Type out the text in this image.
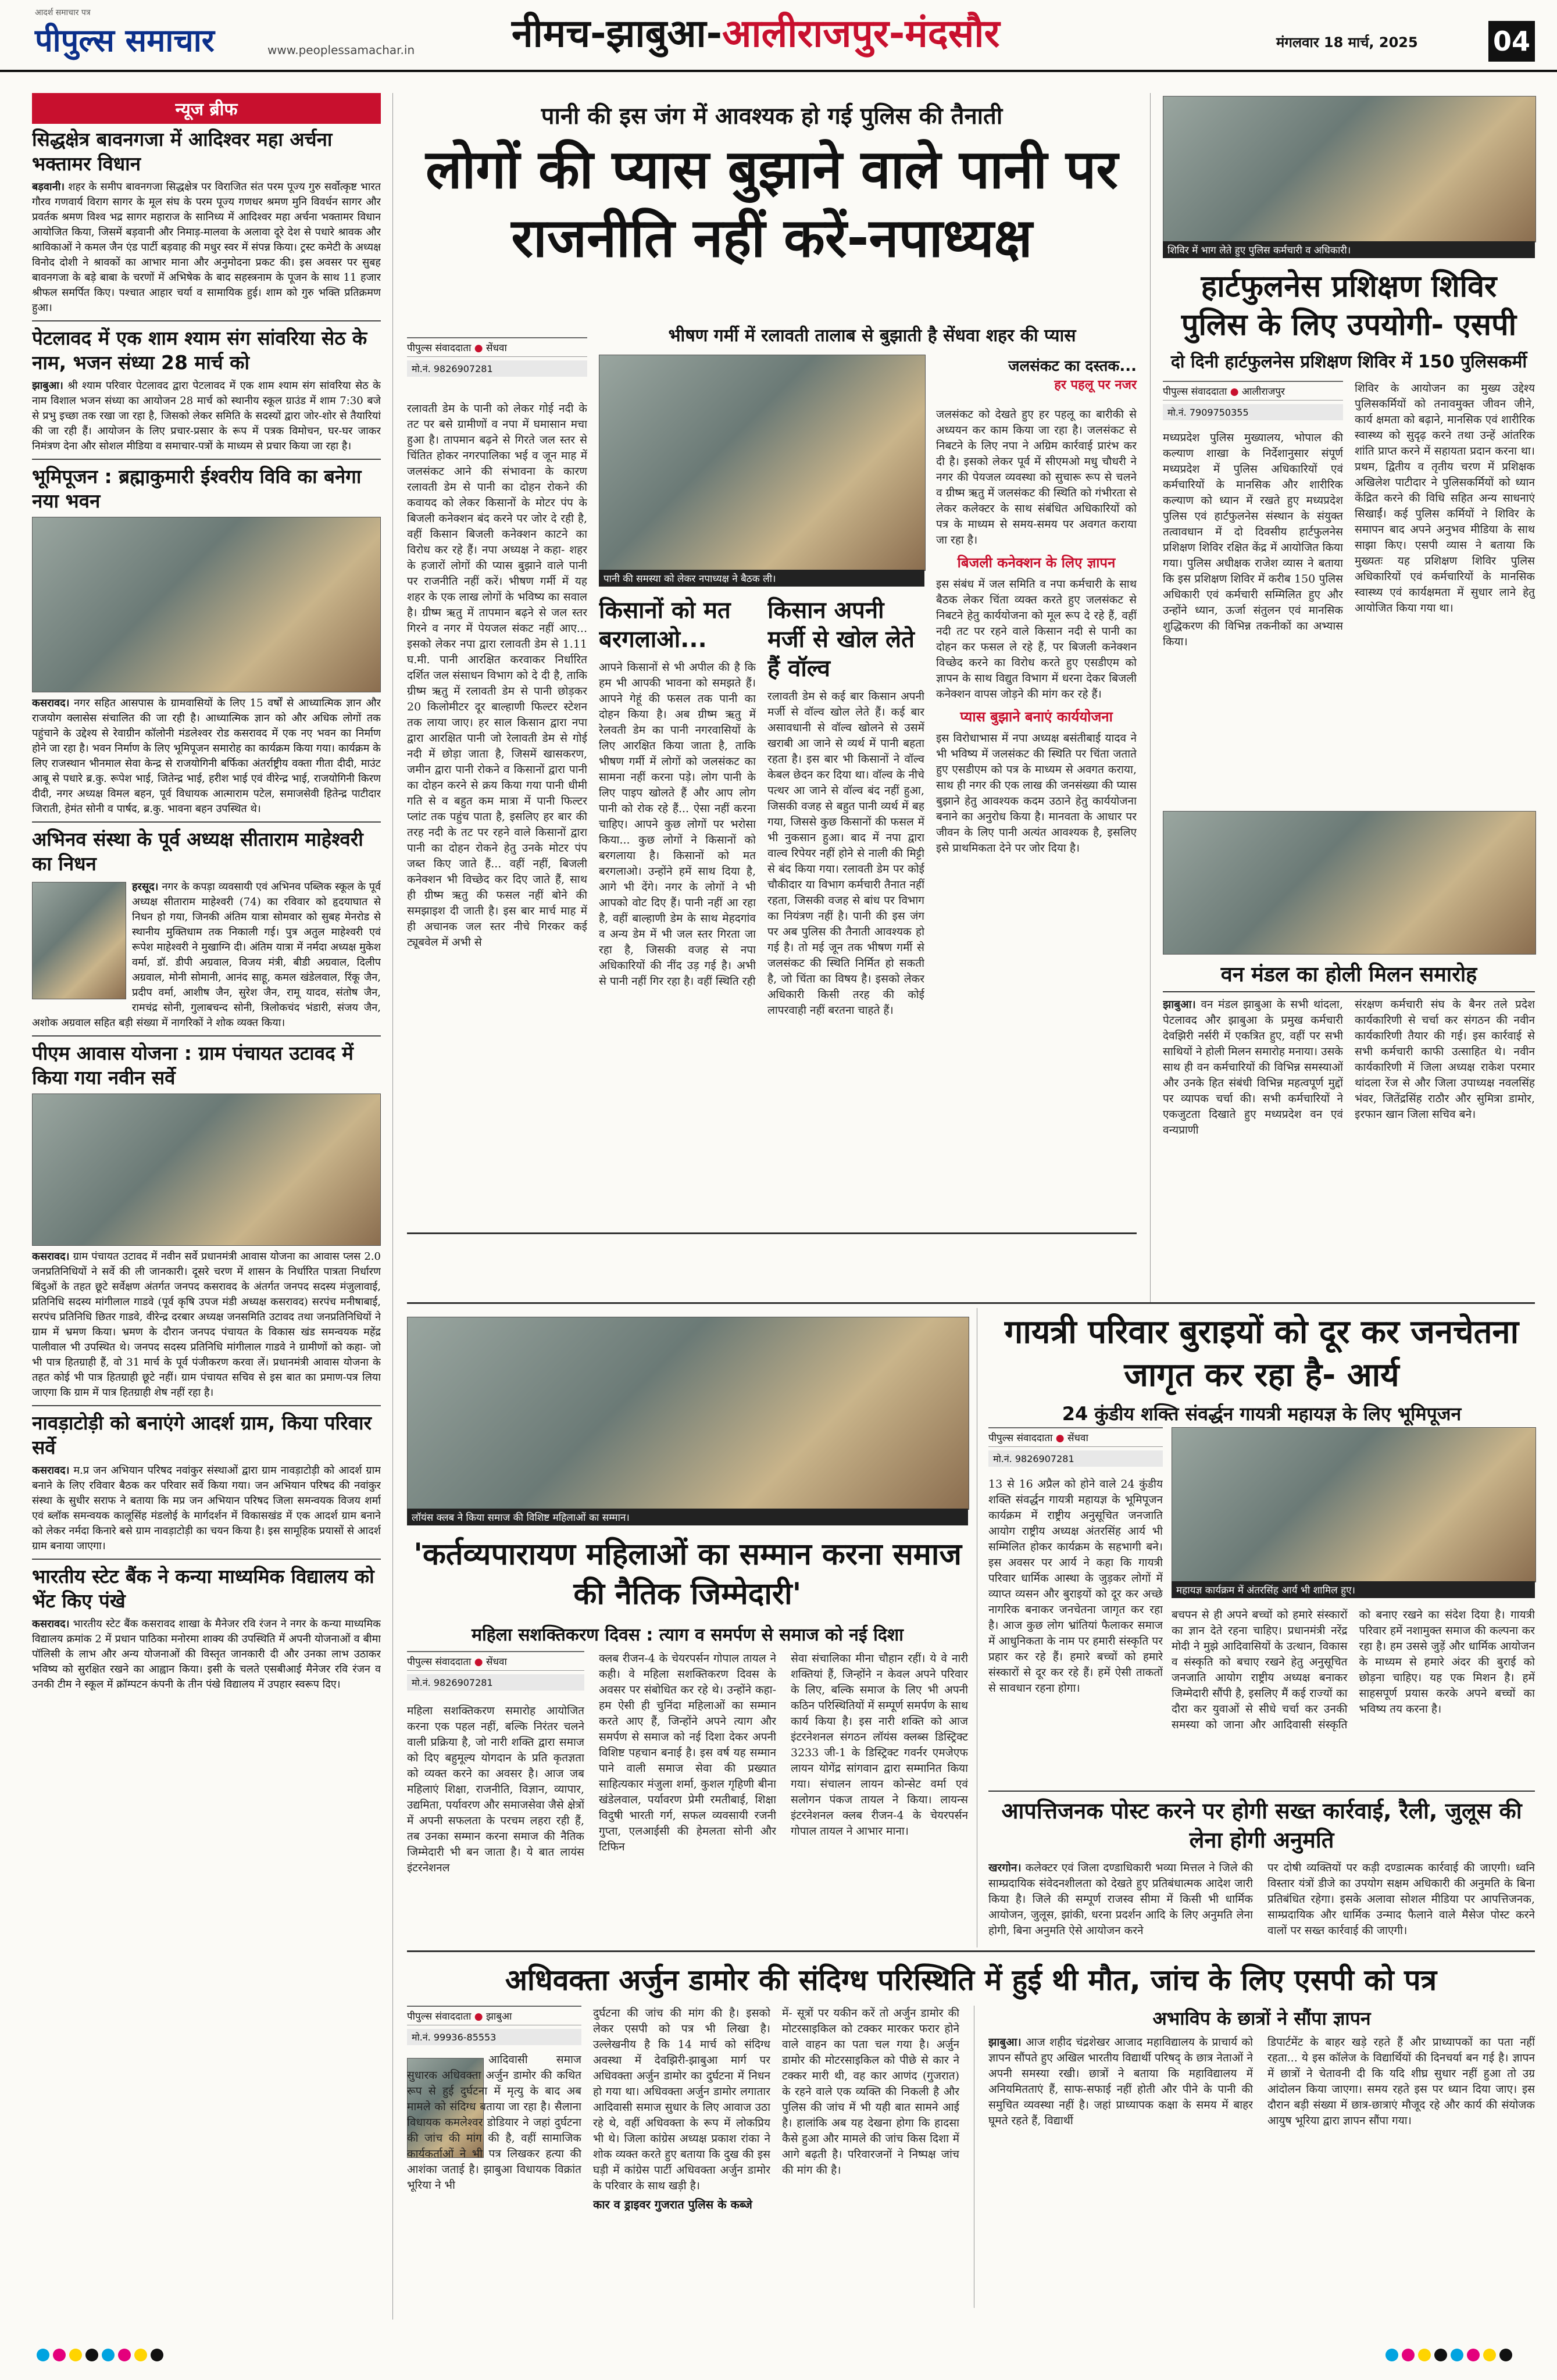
आदर्श समाचार पत्र
पीपुल्स समाचार	www.peoplessamachar.in	नीमच-झाबुआ-आलीराजपुर-मंदसौर	मंगलवार 18 मार्च, 2025	04
न्यूज ब्रीफ
सिद्धक्षेत्र बावनगजा में आदिश्वर महा अर्चना भक्तामर विधान
बड़वानी। शहर के समीप बावनगजा सिद्धक्षेत्र पर विराजित संत परम पूज्य गुरु सर्वोत्कृष्ट भारत गौरव गणवार्य विराग सागर के मूल संघ के परम पूज्य गणधर श्रमण मुनि विवर्धन सागर और प्रवर्तक श्रमण विश्व भद्र सागर महाराज के सानिध्य में आदिश्वर महा अर्चना भक्तामर विधान आयोजित किया, जिसमें बड़वानी और निमाड़-मालवा के अलावा दूरे देश से पधारे श्रावक और श्राविकाओं ने कमल जैन एंड पार्टी बड़वाह की मधुर स्वर में संपन्न किया। ट्रस्ट कमेटी के अध्यक्ष विनोद दोशी ने श्रावकों का आभार माना और अनुमोदना प्रकट की। इस अवसर पर सुबह बावनगजा के बड़े बाबा के चरणों में अभिषेक के बाद सहस्त्रनाम के पूजन के साथ 11 हजार श्रीफल समर्पित किए। पश्चात आहार चर्या व सामायिक हुई। शाम को गुरु भक्ति प्रतिक्रमण हुआ।
पेटलावद में एक शाम श्याम संग सांवरिया सेठ के नाम, भजन संध्या 28 मार्च को
झाबुआ। श्री श्याम परिवार पेटलावद द्वारा पेटलावद में एक शाम श्याम संग सांवरिया सेठ के नाम विशाल भजन संध्या का आयोजन 28 मार्च को स्थानीय स्कूल ग्राउंड में शाम 7:30 बजे से प्रभु इच्छा तक रखा जा रहा है, जिसको लेकर समिति के सदस्यों द्वारा जोर-शोर से तैयारियां की जा रही हैं। आयोजन के लिए प्रचार-प्रसार के रूप में पत्रक विमोचन, घर-घर जाकर निमंत्रण देना और सोशल मीडिया व समाचार-पत्रों के माध्यम से प्रचार किया जा रहा है।
भूमिपूजन : ब्रह्माकुमारी ईश्वरीय विवि का बनेगा नया भवन
कसरावद। नगर सहित आसपास के ग्रामवासियों के लिए 15 वर्षों से आध्यात्मिक ज्ञान और राजयोग क्लासेस संचालित की जा रही है। आध्यात्मिक ज्ञान को और अधिक लोगों तक पहुंचाने के उद्देश्य से रेवाग्रीन कॉलोनी मंडलेश्वर रोड कसरावद में एक नए भवन का निर्माण होने जा रहा है। भवन निर्माण के लिए भूमिपूजन समारोह का कार्यक्रम किया गया। कार्यक्रम के लिए राजस्थान भीनमाल सेवा केन्द्र से राजयोगिनी बर्फिका अंतर्राष्ट्रीय वक्ता गीता दीदी, माउंट आबू से पधारे ब्र.कु. रूपेश भाई, जितेन्द्र भाई, हरीश भाई एवं वीरेन्द्र भाई, राजयोगिनी किरण दीदी, नगर अध्यक्ष विमल बहन, पूर्व विधायक आत्माराम पटेल, समाजसेवी हितेन्द्र पाटीदार जिराती, हेमंत सोनी व पार्षद, ब्र.कु. भावना बहन उपस्थित थे।
अभिनव संस्था के पूर्व अध्यक्ष सीताराम माहेश्वरी का निधन
हरसूद। नगर के कपड़ा व्यवसायी एवं अभिनव पब्लिक स्कूल के पूर्व अध्यक्ष सीताराम माहेश्वरी (74) का रविवार को हृदयाघात से निधन हो गया, जिनकी अंतिम यात्रा सोमवार को सुबह मेनरोड से स्थानीय मुक्तिधाम तक निकाली गई। पुत्र अतुल माहेश्वरी एवं रूपेश माहेश्वरी ने मुखाग्नि दी। अंतिम यात्रा में नर्मदा अध्यक्ष मुकेश वर्मा, डॉ. डीपी अग्रवाल, विजय मंत्री, बीडी अग्रवाल, दिलीप अग्रवाल, मोनी सोमानी, आनंद साहू, कमल खंडेलवाल, रिंकू जैन, प्रदीप वर्मा, आशीष जैन, सुरेश जैन, रामू यादव, संतोष जैन, रामचंद्र सोनी, गुलाबचन्द सोनी, त्रिलोकचंद भंडारी, संजय जैन, अशोक अग्रवाल सहित बड़ी संख्या में नागरिकों ने शोक व्यक्त किया।
पीएम आवास योजना : ग्राम पंचायत उटावद में किया गया नवीन सर्वे
कसरावद। ग्राम पंचायत उटावद में नवीन सर्वे प्रधानमंत्री आवास योजना का आवास प्लस 2.0 जनप्रतिनिधियों ने सर्वे की ली जानकारी। दूसरे चरण में शासन के निर्धारित पात्रता निर्धारण बिंदुओं के तहत छूटे सर्वेक्षण अंतर्गत जनपद कसरावद के अंतर्गत जनपद सदस्य मंजुलावाई, प्रतिनिधि सदस्य मांगीलाल गाडवे (पूर्व कृषि उपज मंडी अध्यक्ष कसरावद) सरपंच मनीषाबाई, सरपंच प्रतिनिधि छितर गाडवे, वीरेन्द्र दरबार अध्यक्ष जनसमिति उटावद तथा जनप्रतिनिधियों ने ग्राम में भ्रमण किया। भ्रमण के दौरान जनपद पंचायत के विकास खंड समन्वयक महेंद्र पालीवाल भी उपस्थित थे। जनपद सदस्य प्रतिनिधि मांगीलाल गाडवे ने ग्रामीणों को कहा- जो भी पात्र हितग्राही हैं, वो 31 मार्च के पूर्व पंजीकरण करवा लें। प्रधानमंत्री आवास योजना के तहत कोई भी पात्र हितग्राही छूटे नहीं। ग्राम पंचायत सचिव से इस बात का प्रमाण-पत्र लिया जाएगा कि ग्राम में पात्र हितग्राही शेष नहीं रहा है।
नावड़ाटोड़ी को बनाएंगे आदर्श ग्राम, किया परिवार सर्वे
कसरावद। म.प्र जन अभियान परिषद नवांकुर संस्थाओं द्वारा ग्राम नावड़ाटोड़ी को आदर्श ग्राम बनाने के लिए रविवार बैठक कर परिवार सर्वे किया गया। जन अभियान परिषद की नवांकुर संस्था के सुधीर सराफ ने बताया कि मप्र जन अभियान परिषद जिला समन्वयक विजय शर्मा एवं ब्लॉक समन्वयक कालूसिंह मंडलोई के मार्गदर्शन में विकासखंड में एक आदर्श ग्राम बनाने को लेकर नर्मदा किनारे बसे ग्राम नावड़ाटोड़ी का चयन किया है। इस सामूहिक प्रयासों से आदर्श ग्राम बनाया जाएगा।
भारतीय स्टेट बैंक ने कन्या माध्यमिक विद्यालय को भेंट किए पंखे
कसरावद। भारतीय स्टेट बैंक कसरावद शाखा के मैनेजर रवि रंजन ने नगर के कन्या माध्यमिक विद्यालय क्रमांक 2 में प्रधान पाठिका मनोरमा शाक्य की उपस्थिति में अपनी योजनाओं व बीमा पॉलिसी के लाभ और अन्य योजनाओं की विस्तृत जानकारी दी और उनका लाभ उठाकर भविष्य को सुरक्षित रखने का आह्वान किया। इसी के चलते एसबीआई मैनेजर रवि रंजन व उनकी टीम ने स्कूल में क्रॉम्पटन कंपनी के तीन पंखे विद्यालय में उपहार स्वरूप दिए।
पानी की इस जंग में आवश्यक हो गई पुलिस की तैनाती
लोगों की प्यास बुझाने वाले पानी पर राजनीति नहीं करें-नपाध्यक्ष
भीषण गर्मी में रलावती तालाब से बुझाती है सेंधवा शहर की प्यास
पीपुल्स संवाददाता ● सेंधवा
मो.नं. 9826907281
पानी की समस्या को लेकर नपाध्यक्ष ने बैठक ली।
जलसंकट का दस्तक...
हर पहलू पर नजर
रलावती डेम के पानी को लेकर गोई नदी के तट पर बसे ग्रामीणों व नपा में घमासान मचा हुआ है। तापमान बढ़ने से गिरते जल स्तर से चिंतित होकर नगरपालिका भई व जून माह में जलसंकट आने की संभावना के कारण रलावती डेम से पानी का दोहन रोकने की कवायद को लेकर किसानों के मोटर पंप के बिजली कनेक्शन बंद करने पर जोर दे रही है, वहीं किसान बिजली कनेक्शन काटने का विरोध कर रहे हैं। नपा अध्यक्ष ने कहा- शहर के हजारों लोगों की प्यास बुझाने वाले पानी पर राजनीति नहीं करें। भीषण गर्मी में यह शहर के एक लाख लोगों के भविष्य का सवाल है। ग्रीष्म ऋतु में तापमान बढ़ने से जल स्तर गिरने व नगर में पेयजल संकट नहीं आए... इसको लेकर नपा द्वारा रलावती डेम से 1.11 घ.मी. पानी आरक्षित करवाकर निर्धारित दर्शित जल संसाधन विभाग को दे दी है, ताकि ग्रीष्म ऋतु में रलावती डेम से पानी छोड़कर 20 किलोमीटर दूर बाल्हाणी फिल्टर स्टेशन तक लाया जाए। हर साल किसान द्वारा नपा द्वारा आरक्षित पानी जो रेलावती डेम से गोई नदी में छोड़ा जाता है, जिसमें खासकरण, जमीन द्वारा पानी रोकने व किसानों द्वारा पानी का दोहन करने से क्रय किया गया पानी धीमी गति से व बहुत कम मात्रा में पानी फिल्टर प्लांट तक पहुंच पाता है, इसलिए हर बार की तरह नदी के तट पर रहने वाले किसानों द्वारा पानी का दोहन रोकने हेतु उनके मोटर पंप जब्त किए जाते हैं... वहीं नहीं, बिजली कनेक्शन भी विच्छेद कर दिए जाते हैं, साथ ही ग्रीष्म ऋतु की फसल नहीं बोने की समझाइश दी जाती है। इस बार मार्च माह में ही अचानक जल स्तर नीचे गिरकर कई ट्यूबवेल में अभी से
किसानों को मत बरगलाओ...
आपने किसानों से भी अपील की है कि हम भी आपकी भावना को समझते हैं। आपने गेहूं की फसल तक पानी का दोहन किया है। अब ग्रीष्म ऋतु में रेलवती डेम का पानी नगरवासियों के लिए आरक्षित किया जाता है, ताकि भीषण गर्मी में लोगों को जलसंकट का सामना नहीं करना पड़े। लोग पानी के लिए पाइप खोलते हैं और आप लोग पानी को रोक रहे हैं... ऐसा नहीं करना चाहिए। आपने कुछ लोगों पर भरोसा किया... कुछ लोगों ने किसानों को बरगलाया है। किसानों को मत बरगलाओ। उन्होंने हमें साथ दिया है, आगे भी देंगे। नगर के लोगों ने भी आपको वोट दिए हैं। पानी नहीं आ रहा है, वहीं बाल्हाणी डेम के साथ मेहदगांव व अन्य डेम में भी जल स्तर गिरता जा रहा है, जिसकी वजह से नपा अधिकारियों की नींद उड़ गई है। अभी से पानी नहीं गिर रहा है। वहीं स्थिति रही
किसान अपनी मर्जी से खोल लेते हैं वॉल्व
रलावती डेम से कई बार किसान अपनी मर्जी से वॉल्व खोल लेते हैं। कई बार असावधानी से वॉल्व खोलने से उसमें खराबी आ जाने से व्यर्थ में पानी बहता रहता है। इस बार भी किसानों ने वॉल्व केबल छेदन कर दिया था। वॉल्व के नीचे पत्थर आ जाने से वॉल्व बंद नहीं हुआ, जिसकी वजह से बहुत पानी व्यर्थ में बह गया, जिससे कुछ किसानों की फसल में भी नुकसान हुआ। बाद में नपा द्वारा वाल्व रिपेयर नहीं होने से नाली की मिट्टी से बंद किया गया। रलावती डेम पर कोई चौकीदार या विभाग कर्मचारी तैनात नहीं रहता, जिसकी वजह से बांध पर विभाग का नियंत्रण नहीं है। पानी की इस जंग पर अब पुलिस की तैनाती आवश्यक हो गई है। तो मई जून तक भीषण गर्मी से जलसंकट की स्थिति निर्मित हो सकती है, जो चिंता का विषय है। इसको लेकर अधिकारी किसी तरह की कोई लापरवाही नहीं बरतना चाहते हैं।
जलसंकट को देखते हुए हर पहलू का बारीकी से अध्ययन कर काम किया जा रहा है। जलसंकट से निबटने के लिए नपा ने अग्रिम कार्रवाई प्रारंभ कर दी है। इसको लेकर पूर्व में सीएमओ मधु चौधरी ने नगर की पेयजल व्यवस्था को सुचारू रूप से चलने व ग्रीष्म ऋतु में जलसंकट की स्थिति को गंभीरता से लेकर कलेक्टर के साथ संबंधित अधिकारियों को पत्र के माध्यम से समय-समय पर अवगत कराया जा रहा है।
बिजली कनेक्शन के लिए ज्ञापन
इस संबंध में जल समिति व नपा कर्मचारी के साथ बैठक लेकर चिंता व्यक्त करते हुए जलसंकट से निबटने हेतु कार्ययोजना को मूल रूप दे रहे हैं, वहीं नदी तट पर रहने वाले किसान नदी से पानी का दोहन कर फसल ले रहे हैं, पर बिजली कनेक्शन विच्छेद करने का विरोध करते हुए एसडीएम को ज्ञापन के साथ विद्युत विभाग में धरना देकर बिजली कनेक्शन वापस जोड़ने की मांग कर रहे हैं।
प्यास बुझाने बनाएं कार्ययोजना
इस विरोधाभास में नपा अध्यक्ष बसंतीबाई यादव ने भी भविष्य में जलसंकट की स्थिति पर चिंता जताते हुए एसडीएम को पत्र के माध्यम से अवगत कराया, साथ ही नगर की एक लाख की जनसंख्या की प्यास बुझाने हेतु आवश्यक कदम उठाने हेतु कार्ययोजना बनाने का अनुरोध किया है। मानवता के आधार पर जीवन के लिए पानी अत्यंत आवश्यक है, इसलिए इसे प्राथमिकता देने पर जोर दिया है।
शिविर में भाग लेते हुए पुलिस कर्मचारी व अधिकारी।
हार्टफुलनेस प्रशिक्षण शिविर पुलिस के लिए उपयोगी- एसपी
दो दिनी हार्टफुलनेस प्रशिक्षण शिविर में 150 पुलिसकर्मी
पीपुल्स संवाददाता ● आलीराजपुर
मो.नं. 7909750355
मध्यप्रदेश पुलिस मुख्यालय, भोपाल की कल्याण शाखा के निर्देशानुसार संपूर्ण मध्यप्रदेश में पुलिस अधिकारियों एवं कर्मचारियों के मानसिक और शारीरिक कल्याण को ध्यान में रखते हुए मध्यप्रदेश पुलिस एवं हार्टफुलनेस संस्थान के संयुक्त तत्वावधान में दो दिवसीय हार्टफुलनेस प्रशिक्षण शिविर रक्षित केंद्र में आयोजित किया गया। पुलिस अधीक्षक राजेश व्यास ने बताया कि इस प्रशिक्षण शिविर में करीब 150 पुलिस अधिकारी एवं कर्मचारी सम्मिलित हुए और उन्होंने ध्यान, ऊर्जा संतुलन एवं मानसिक शुद्धिकरण की विभिन्न तकनीकों का अभ्यास किया।
शिविर के आयोजन का मुख्य उद्देश्य पुलिसकर्मियों को तनावमुक्त जीवन जीने, कार्य क्षमता को बढ़ाने, मानसिक एवं शारीरिक स्वास्थ्य को सुदृढ़ करने तथा उन्हें आंतरिक शांति प्राप्त करने में सहायता प्रदान करना था। प्रथम, द्वितीय व तृतीय चरण में प्रशिक्षक अखिलेश पाटीदार ने पुलिसकर्मियों को ध्यान केंद्रित करने की विधि सहित अन्य साधनाएं सिखाईं। कई पुलिस कर्मियों ने शिविर के समापन बाद अपने अनुभव मीडिया के साथ साझा किए। एसपी व्यास ने बताया कि मुख्यतः यह प्रशिक्षण शिविर पुलिस अधिकारियों एवं कर्मचारियों के मानसिक स्वास्थ्य एवं कार्यक्षमता में सुधार लाने हेतु आयोजित किया गया था।
वन मंडल का होली मिलन समारोह
झाबुआ। वन मंडल झाबुआ के सभी थांदला, पेटलावद और झाबुआ के प्रमुख कर्मचारी देवझिरी नर्सरी में एकत्रित हुए, वहीं पर सभी साथियों ने होली मिलन समारोह मनाया। उसके साथ ही वन कर्मचारियों की विभिन्न समस्याओं और उनके हित संबंधी विभिन्न महत्वपूर्ण मुद्दों पर व्यापक चर्चा की। सभी कर्मचारियों ने एकजुटता दिखाते हुए मध्यप्रदेश वन एवं वन्यप्राणी
संरक्षण कर्मचारी संघ के बैनर तले प्रदेश कार्यकारिणी से चर्चा कर संगठन की नवीन कार्यकारिणी तैयार की गई। इस कार्रवाई से सभी कर्मचारी काफी उत्साहित थे। नवीन कार्यकारिणी में जिला अध्यक्ष राकेश परमार थांदला रेंज से और जिला उपाध्यक्ष नवलसिंह भंवर, जितेंद्रसिंह राठौर और सुमित्रा डामोर, इरफान खान जिला सचिव बने।
लॉयंस क्लब ने किया समाज की विशिष्ट महिलाओं का सम्मान।
'कर्तव्यपारायण महिलाओं का सम्मान करना समाज की नैतिक जिम्मेदारी'
महिला सशक्तिकरण दिवस : त्याग व समर्पण से समाज को नई दिशा
पीपुल्स संवाददाता ● सेंधवा
मो.नं. 9826907281
महिला सशक्तिकरण समारोह आयोजित करना एक पहल नहीं, बल्कि निरंतर चलने वाली प्रक्रिया है, जो नारी शक्ति द्वारा समाज को दिए बहुमूल्य योगदान के प्रति कृतज्ञता को व्यक्त करने का अवसर है। आज जब महिलाएं शिक्षा, राजनीति, विज्ञान, व्यापार, उद्यमिता, पर्यावरण और समाजसेवा जैसे क्षेत्रों में अपनी सफलता के परचम लहरा रही हैं, तब उनका सम्मान करना समाज की नैतिक जिम्मेदारी भी बन जाता है। ये बात लायंस इंटरनेशनल
क्लब रीजन-4 के चेयरपर्सन गोपाल तायल ने कही। वे महिला सशक्तिकरण दिवस के अवसर पर संबोधित कर रहे थे। उन्होंने कहा- हम ऐसी ही चुनिंदा महिलाओं का सम्मान करते आए हैं, जिन्होंने अपने त्याग और समर्पण से समाज को नई दिशा देकर अपनी विशिष्ट पहचान बनाई है। इस वर्ष यह सम्मान पाने वाली समाज सेवा की प्रख्यात साहित्यकार मंजुला शर्मा, कुशल गृहिणी बीना खंडेलवाल, पर्यावरण प्रेमी रमतीबाई, शिक्षा विदुषी भारती गर्ग, सफल व्यवसायी रजनी गुप्ता, एलआईसी की हेमलता सोनी और टिफिन
सेवा संचालिका मीना चौहान रहीं। ये वे नारी शक्तियां हैं, जिन्होंने न केवल अपने परिवार के लिए, बल्कि समाज के लिए भी अपनी कठिन परिस्थितियों में सम्पूर्ण समर्पण के साथ कार्य किया है। इस नारी शक्ति को आज इंटरनेशनल संगठन लॉयंस क्लब्स डिस्ट्रिक्ट 3233 जी-1 के डिस्ट्रिक्ट गवर्नर एमजेएफ लायन योगेंद्र सांगवान द्वारा सम्मानित किया गया। संचालन लायन कोन्सेट वर्मा एवं सलोगन पंकज तायल ने किया। लायन्स इंटरनेशनल क्लब रीजन-4 के चेयरपर्सन गोपाल तायल ने आभार माना।
गायत्री परिवार बुराइयों को दूर कर जनचेतना जागृत कर रहा है- आर्य
24 कुंडीय शक्ति संवर्द्धन गायत्री महायज्ञ के लिए भूमिपूजन
पीपुल्स संवाददाता ● सेंधवा
मो.नं. 9826907281
महायज्ञ कार्यक्रम में अंतरसिंह आर्य भी शामिल हुए।
13 से 16 अप्रैल को होने वाले 24 कुंडीय शक्ति संवर्द्धन गायत्री महायज्ञ के भूमिपूजन कार्यक्रम में राष्ट्रीय अनुसूचित जनजाति आयोग राष्ट्रीय अध्यक्ष अंतरसिंह आर्य भी सम्मिलित होकर कार्यक्रम के सहभागी बने। इस अवसर पर आर्य ने कहा कि गायत्री परिवार धार्मिक आस्था के जुड़कर लोगों में व्याप्त व्यसन और बुराइयों को दूर कर अच्छे नागरिक बनाकर जनचेतना जागृत कर रहा है। आज कुछ लोग भ्रांतियां फैलाकर समाज में आधुनिकता के नाम पर हमारी संस्कृति पर प्रहार कर रहे हैं। हमारे बच्चों को हमारे संस्कारों से दूर कर रहे हैं। हमें ऐसी ताकतों से सावधान रहना होगा।
बचपन से ही अपने बच्चों को हमारे संस्कारों का ज्ञान देते रहना चाहिए। प्रधानमंत्री नरेंद्र मोदी ने मुझे आदिवासियों के उत्थान, विकास व संस्कृति को बचाए रखने हेतु अनुसूचित जनजाति आयोग राष्ट्रीय अध्यक्ष बनाकर जिम्मेदारी सौंपी है, इसलिए मैं कई राज्यों का दौरा कर युवाओं से सीधे चर्चा कर उनकी समस्या को जाना और आदिवासी संस्कृति को बनाए रखने का संदेश दिया है। गायत्री परिवार हमें नशामुक्त समाज की कल्पना कर रहा है। हम उससे जुड़ें और धार्मिक आयोजन के माध्यम से हमारे अंदर की बुराई को छोड़ना चाहिए। यह एक मिशन है। हमें साहसपूर्ण प्रयास करके अपने बच्चों का भविष्य तय करना है।
आपत्तिजनक पोस्ट करने पर होगी सख्त कार्रवाई, रैली, जुलूस की लेना होगी अनुमति
खरगोन। कलेक्टर एवं जिला दण्डाधिकारी भव्या मित्तल ने जिले की साम्प्रदायिक संवेदनशीलता को देखते हुए प्रतिबंधात्मक आदेश जारी किया है। जिले की सम्पूर्ण राजस्व सीमा में किसी भी धार्मिक आयोजन, जुलूस, झांकी, धरना प्रदर्शन आदि के लिए अनुमति लेना होगी, बिना अनुमति ऐसे आयोजन करने
पर दोषी व्यक्तियों पर कड़ी दण्डात्मक कार्रवाई की जाएगी। ध्वनि विस्तार यंत्रों डीजे का उपयोग सक्षम अधिकारी की अनुमति के बिना प्रतिबंधित रहेगा। इसके अलावा सोशल मीडिया पर आपत्तिजनक, साम्प्रदायिक और धार्मिक उन्माद फैलाने वाले मैसेज पोस्ट करने वालों पर सख्त कार्रवाई की जाएगी।
अधिवक्ता अर्जुन डामोर की संदिग्ध परिस्थिति में हुई थी मौत, जांच के लिए एसपी को पत्र
पीपुल्स संवाददाता ● झाबुआ
मो.नं. 99936-85553
आदिवासी समाज सुधारक अधिवक्ता अर्जुन डामोर की कथित रूप से हुई दुर्घटना में मृत्यु के बाद अब मामले को संदिग्ध बताया जा रहा है। सैलाना विधायक कमलेश्वर डोडियार ने जहां दुर्घटना की जांच की मांग की है, वहीं सामाजिक कार्यकर्ताओं ने भी पत्र लिखकर हत्या की आशंका जताई है। झाबुआ विधायक विक्रांत भूरिया ने भी
दुर्घटना की जांच की मांग की है। इसको लेकर एसपी को पत्र भी लिखा है। उल्लेखनीय है कि 14 मार्च को संदिग्ध अवस्था में देवझिरी-झाबुआ मार्ग पर अधिवक्ता अर्जुन डामोर का दुर्घटना में निधन हो गया था। अधिवक्ता अर्जुन डामोर लगातार आदिवासी समाज सुधार के लिए आवाज उठा रहे थे, वहीं अधिवक्ता के रूप में लोकप्रिय भी थे। जिला कांग्रेस अध्यक्ष प्रकाश रांका ने शोक व्यक्त करते हुए बताया कि दुख की इस घड़ी में कांग्रेस पार्टी अधिवक्ता अर्जुन डामोर के परिवार के साथ खड़ी है।
कार व ड्राइवर गुजरात पुलिस के कब्जे
में- सूत्रों पर यकीन करें तो अर्जुन डामोर की मोटरसाइकिल को टक्कर मारकर फरार होने वाले वाहन का पता चल गया है। अर्जुन डामोर की मोटरसाइकिल को पीछे से कार ने टक्कर मारी थी, वह कार आणंद (गुजरात) के रहने वाले एक व्यक्ति की निकली है और पुलिस की जांच में भी यही बात सामने आई है। हालांकि अब यह देखना होगा कि हादसा कैसे हुआ और मामले की जांच किस दिशा में आगे बढ़ती है। परिवारजनों ने निष्पक्ष जांच की मांग की है।
अभाविप के छात्रों ने सौंपा ज्ञापन
झाबुआ। आज शहीद चंद्रशेखर आजाद महाविद्यालय के प्राचार्य को ज्ञापन सौंपते हुए अखिल भारतीय विद्यार्थी परिषद् के छात्र नेताओं ने अपनी समस्या रखी। छात्रों ने बताया कि महाविद्यालय में अनियमितताएं हैं, साफ-सफाई नहीं होती और पीने के पानी की समुचित व्यवस्था नहीं है। जहां प्राध्यापक कक्षा के समय में बाहर घूमते रहते हैं, विद्यार्थी
डिपार्टमेंट के बाहर खड़े रहते हैं और प्राध्यापकों का पता नहीं रहता... ये इस कॉलेज के विद्यार्थियों की दिनचर्या बन गई है। ज्ञापन में छात्रों ने चेतावनी दी कि यदि शीघ्र सुधार नहीं हुआ तो उग्र आंदोलन किया जाएगा। समय रहते इस पर ध्यान दिया जाए। इस दौरान बड़ी संख्या में छात्र-छात्राएं मौजूद रहे और कार्य की संयोजक आयुष भूरिया द्वारा ज्ञापन सौंपा गया।
